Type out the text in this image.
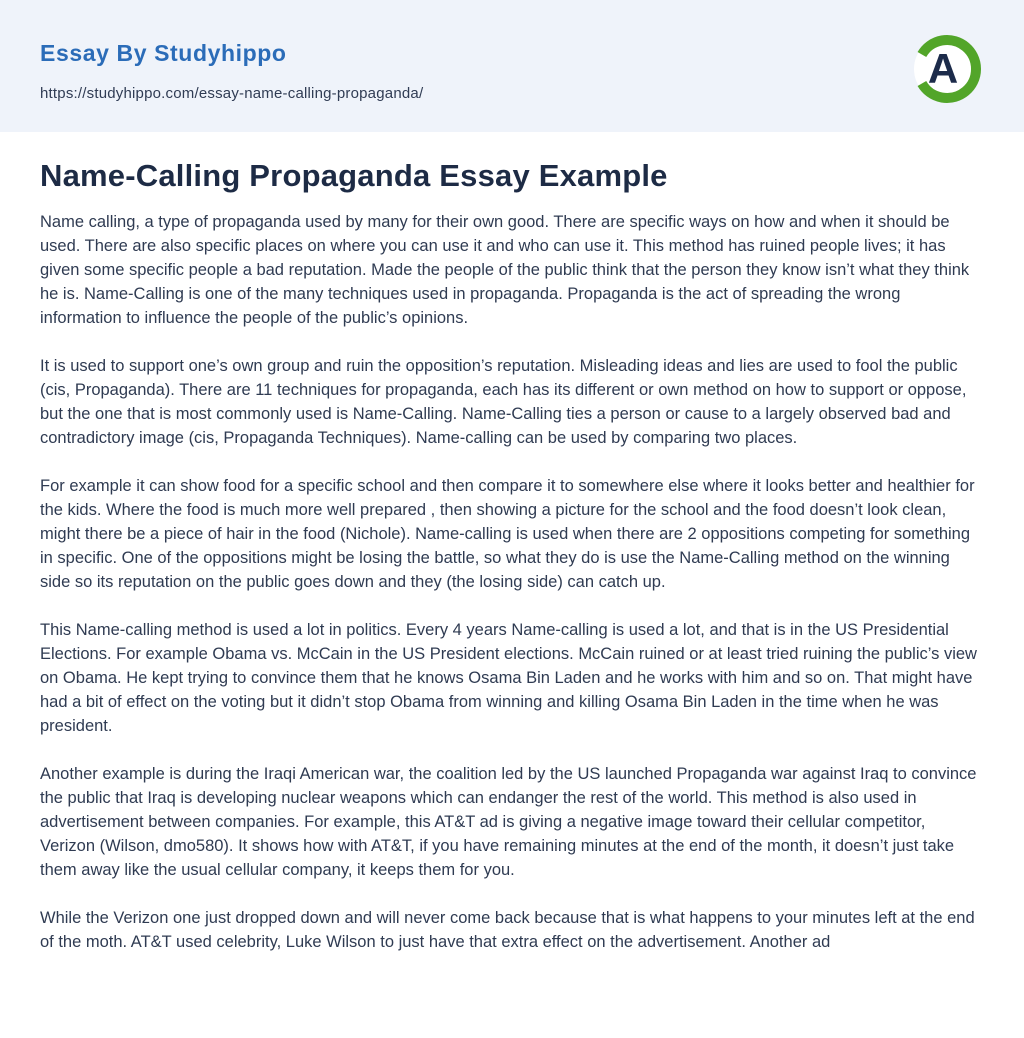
Essay By Studyhippo
https://studyhippo.com/essay-name-calling-propaganda/
A
Name-Calling Propaganda Essay Example

Name calling, a type of propaganda used by many for their own good. There are specific ways on how and when it should be used. There are also specific places on where you can use it and who can use it. This method has ruined people lives; it has given some specific people a bad reputation. Made the people of the public think that the person they know isn’t what they think he is. Name-Calling is one of the many techniques used in propaganda. Propaganda is the act of spreading the wrong information to influence the people of the public’s opinions.

It is used to support one’s own group and ruin the opposition’s reputation. Misleading ideas and lies are used to fool the public (cis, Propaganda). There are 11 techniques for propaganda, each has its different or own method on how to support or oppose, but the one that is most commonly used is Name-Calling. Name-Calling ties a person or cause to a largely observed bad and contradictory image (cis, Propaganda Techniques). Name-calling can be used by comparing two places.

For example it can show food for a specific school and then compare it to somewhere else where it looks better and healthier for the kids. Where the food is much more well prepared , then showing a picture for the school and the food doesn’t look clean, might there be a piece of hair in the food (Nichole). Name-calling is used when there are 2 oppositions competing for something in specific. One of the oppositions might be losing the battle, so what they do is use the Name-Calling method on the winning side so its reputation on the public goes down and they (the losing side) can catch up.

This Name-calling method is used a lot in politics. Every 4 years Name-calling is used a lot, and that is in the US Presidential Elections. For example Obama vs. McCain in the US President elections. McCain ruined or at least tried ruining the public’s view on Obama. He kept trying to convince them that he knows Osama Bin Laden and he works with him and so on. That might have had a bit of effect on the voting but it didn’t stop Obama from winning and killing Osama Bin Laden in the time when he was president.

Another example is during the Iraqi American war, the coalition led by the US launched Propaganda war against Iraq to convince the public that Iraq is developing nuclear weapons which can endanger the rest of the world. This method is also used in advertisement between companies. For example, this AT&T ad is giving a negative image toward their cellular competitor, Verizon (Wilson, dmo580). It shows how with AT&T, if you have remaining minutes at the end of the month, it doesn’t just take them away like the usual cellular company, it keeps them for you.

While the Verizon one just dropped down and will never come back because that is what happens to your minutes left at the end of the moth. AT&T used celebrity, Luke Wilson to just have that extra effect on the advertisement. Another ad
